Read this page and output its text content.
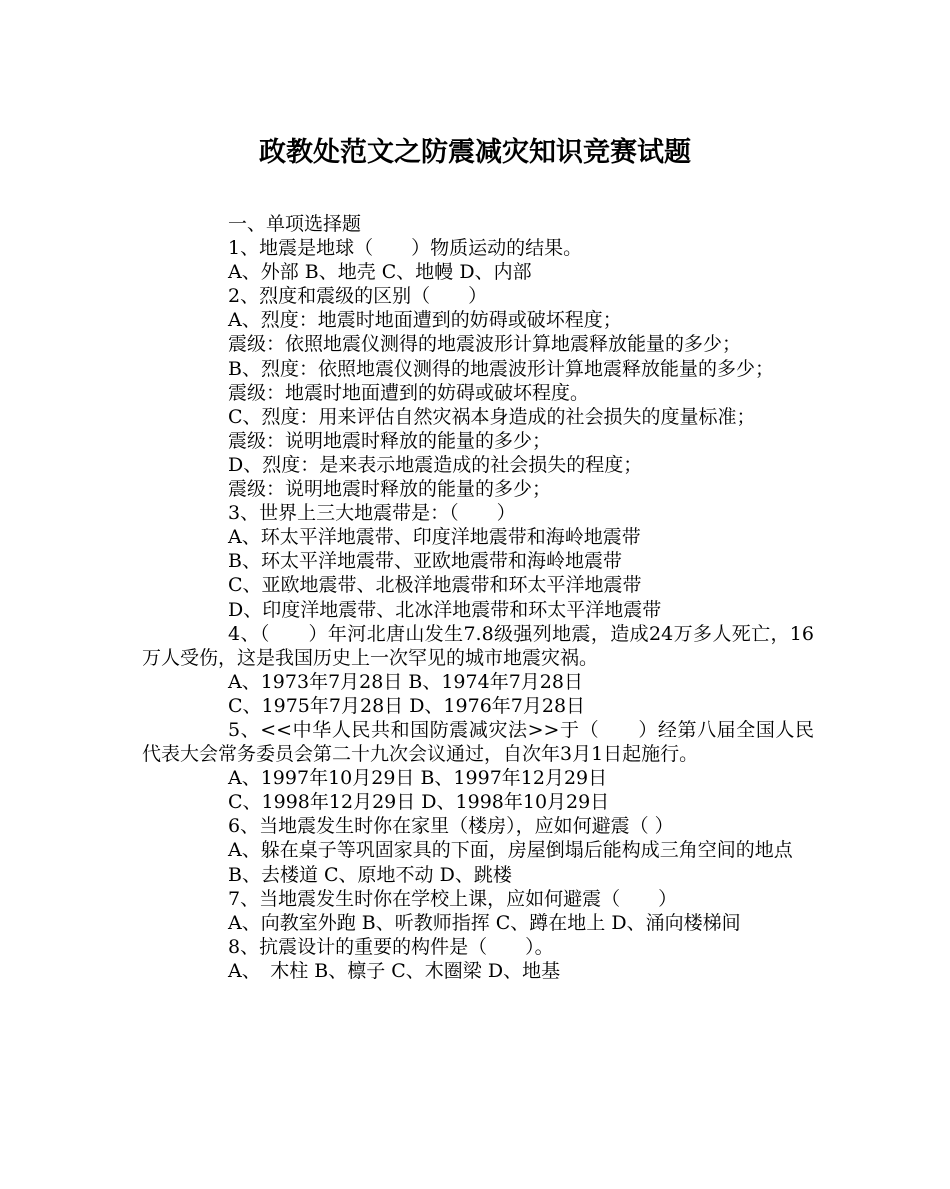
政教处范文之防震减灾知识竞赛试题

一、单项选择题

1、地震是地球（　　）物质运动的结果。

A、外部 B、地壳 C、地幔 D、内部

2、烈度和震级的区别（　　）

A、烈度：地震时地面遭到的妨碍或破坏程度；

震级：依照地震仪测得的地震波形计算地震释放能量的多少；

B、烈度：依照地震仪测得的地震波形计算地震释放能量的多少；

震级：地震时地面遭到的妨碍或破坏程度。

C、烈度：用来评估自然灾祸本身造成的社会损失的度量标准；

震级：说明地震时释放的能量的多少；

D、烈度：是来表示地震造成的社会损失的程度；

震级：说明地震时释放的能量的多少；

3、世界上三大地震带是：（　　）

A、环太平洋地震带、印度洋地震带和海岭地震带

B、环太平洋地震带、亚欧地震带和海岭地震带

C、亚欧地震带、北极洋地震带和环太平洋地震带

D、印度洋地震带、北冰洋地震带和环太平洋地震带

4、（　　）年河北唐山发生7.8级强列地震，造成24万多人死亡，16万人受伤，这是我国历史上一次罕见的城市地震灾祸。

A、1973年7月28日 B、1974年7月28日

C、1975年7月28日 D、1976年7月28日

5、<<中华人民共和国防震减灾法>>于（　　）经第八届全国人民代表大会常务委员会第二十九次会议通过，自次年3月1日起施行。

A、1997年10月29日 B、1997年12月29日

C、1998年12月29日 D、1998年10月29日

6、当地震发生时你在家里（楼房），应如何避震（ ）

A、躲在桌子等巩固家具的下面，房屋倒塌后能构成三角空间的地点

B、去楼道 C、原地不动 D、跳楼

7、当地震发生时你在学校上课，应如何避震（　　）

A、向教室外跑 B、听教师指挥 C、蹲在地上 D、涌向楼梯间

8、抗震设计的重要的构件是（　　）。

A、　木柱 B、檩子 C、木圈梁 D、地基
